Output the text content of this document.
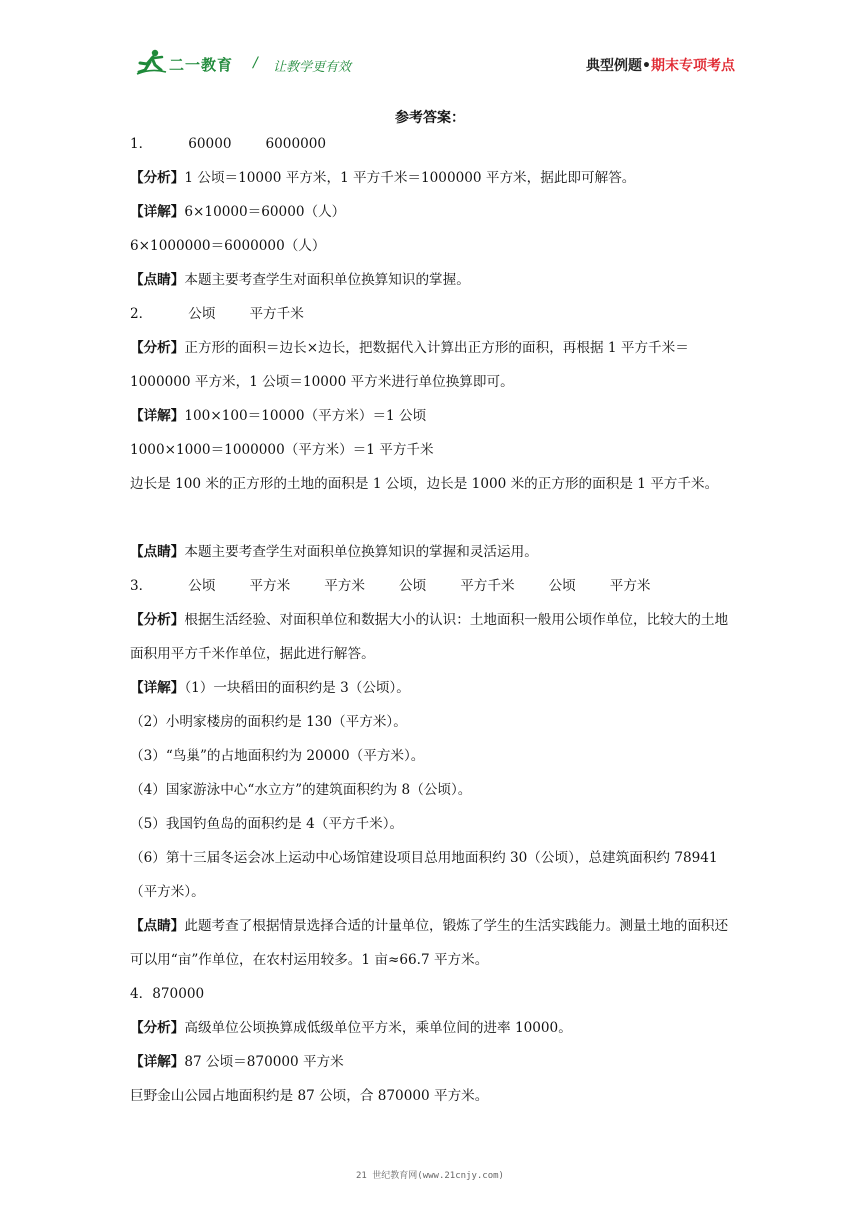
二一教育 / 让教学更有效	典型例题•期末专项考点
参考答案：
1．	60000	6000000
【分析】1 公顷＝10000 平方米，1 平方千米＝1000000 平方米，据此即可解答。
【详解】6×10000＝60000（人）
6×1000000＝6000000（人）
【点睛】本题主要考查学生对面积单位换算知识的掌握。
2．	公顷	平方千米
【分析】正方形的面积＝边长×边长，把数据代入计算出正方形的面积，再根据 1 平方千米＝1000000 平方米，1 公顷＝10000 平方米进行单位换算即可。
【详解】100×100＝10000（平方米）＝1 公顷
1000×1000＝1000000（平方米）＝1 平方千米
边长是 100 米的正方形的土地的面积是 1 公顷，边长是 1000 米的正方形的面积是 1 平方千米。
【点睛】本题主要考查学生对面积单位换算知识的掌握和灵活运用。
3．	公顷	平方米	平方米	公顷	平方千米	公顷	平方米
【分析】根据生活经验、对面积单位和数据大小的认识：土地面积一般用公顷作单位，比较大的土地面积用平方千米作单位，据此进行解答。
【详解】（1）一块稻田的面积约是 3（公顷）。
（2）小明家楼房的面积约是 130（平方米）。
（3）“鸟巢”的占地面积约为 20000（平方米）。
（4）国家游泳中心“水立方”的建筑面积约为 8（公顷）。
（5）我国钓鱼岛的面积约是 4（平方千米）。
（6）第十三届冬运会冰上运动中心场馆建设项目总用地面积约 30（公顷），总建筑面积约 78941（平方米）。
【点睛】此题考查了根据情景选择合适的计量单位，锻炼了学生的生活实践能力。测量土地的面积还可以用“亩”作单位，在农村运用较多。1 亩≈66.7 平方米。
4．870000
【分析】高级单位公顷换算成低级单位平方米，乘单位间的进率 10000。
【详解】87 公顷＝870000 平方米
巨野金山公园占地面积约是 87 公顷，合 870000 平方米。
21 世纪教育网(www.21cnjy.com)
